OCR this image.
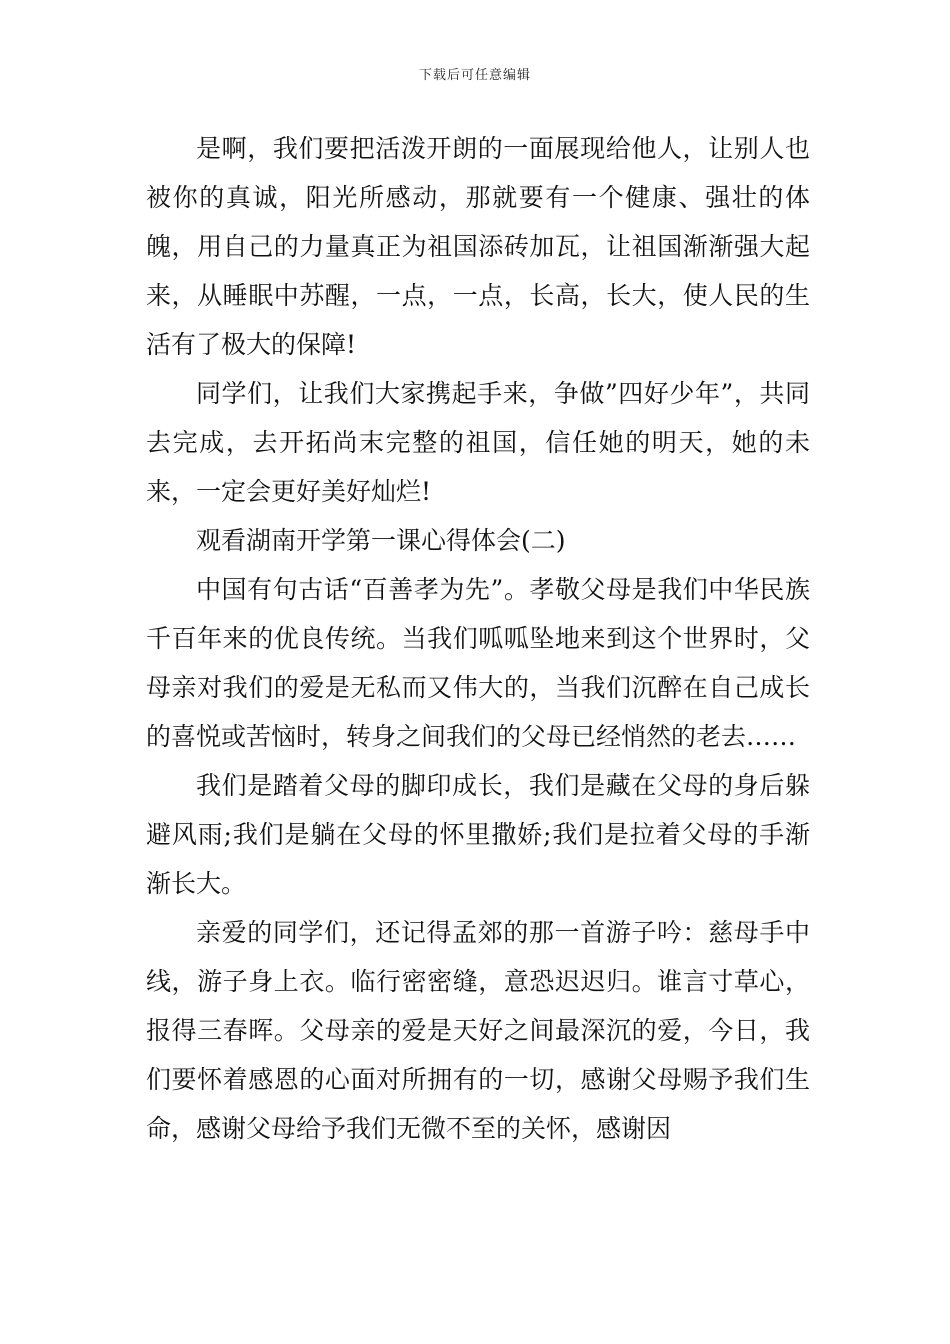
下载后可任意编辑

是啊，我们要把活泼开朗的一面展现给他人，让别人也被你的真诚，阳光所感动，那就要有一个健康、强壮的体魄，用自己的力量真正为祖国添砖加瓦，让祖国渐渐强大起来，从睡眠中苏醒，一点，一点，长高，长大，使人民的生活有了极大的保障!

同学们，让我们大家携起手来，争做”四好少年”，共同去完成，去开拓尚末完整的祖国，信任她的明天，她的未来，一定会更好美好灿烂!

观看湖南开学第一课心得体会(二)

中国有句古话“百善孝为先”。孝敬父母是我们中华民族千百年来的优良传统。当我们呱呱坠地来到这个世界时，父母亲对我们的爱是无私而又伟大的，当我们沉醉在自己成长的喜悦或苦恼时，转身之间我们的父母已经悄然的老去……

我们是踏着父母的脚印成长，我们是藏在父母的身后躲避风雨;我们是躺在父母的怀里撒娇;我们是拉着父母的手渐渐长大。

亲爱的同学们，还记得孟郊的那一首游子吟：慈母手中线，游子身上衣。临行密密缝，意恐迟迟归。谁言寸草心，报得三春晖。父母亲的爱是天好之间最深沉的爱，今日，我们要怀着感恩的心面对所拥有的一切，感谢父母赐予我们生命，感谢父母给予我们无微不至的关怀，感谢因
